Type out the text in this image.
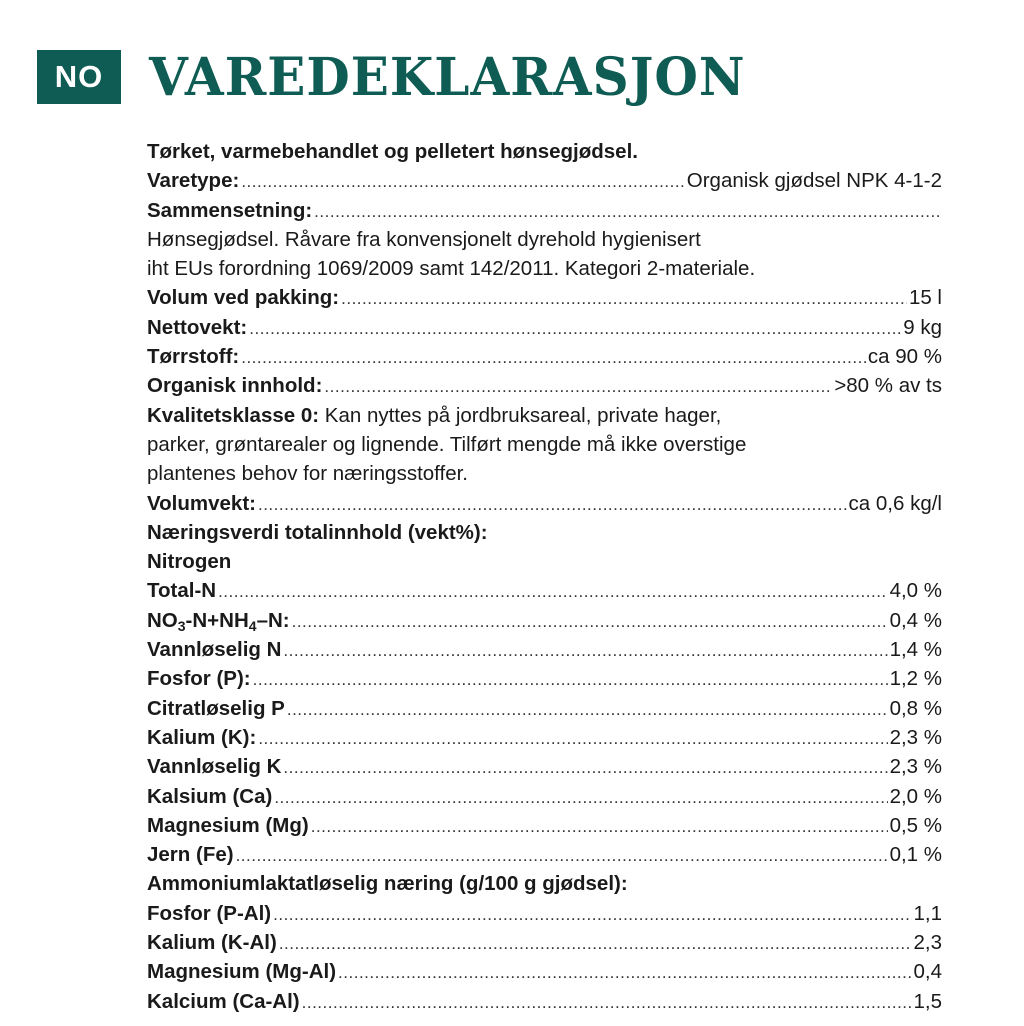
NO VAREDEKLARASJON
Tørket, varmebehandlet og pelletert hønsegjødsel.
Varetype: .....	Organisk gjødsel NPK 4-1-2
Sammensetning:
.....
Hønsegjødsel. Råvare fra konvensjonelt dyrehold hygienisert
iht EUs forordning 1069/2009 samt 142/2011. Kategori 2-materiale.
Volum ved pakking: .....	15 l
Nettovekt: .....	9 kg
Tørrstoff: .....	ca 90 %
Organisk innhold: .....	>80 % av ts
Kvalitetsklasse 0: Kan nyttes på jordbruksareal, private hager,
parker, grøntarealer og lignende. Tilført mengde må ikke overstige
plantenes behov for næringsstoffer.
Volumvekt: .....	ca 0,6 kg/l
Næringsverdi totalinnhold (vekt%):
Nitrogen
Total-N .....	4,0 %
$NO_3-N+NH_4-N$: .....	0,4 %
Vannløselig N .....	1,4 %
Fosfor (P): .....	1,2 %
Citratløselig P .....	0,8 %
Kalium (K): .....	2,3 %
Vannløselig K .....	2,3 %
Kalsium (Ca) .....	2,0 %
Magnesium (Mg) .....	0,5 %
Jern (Fe) .....	0,1 %
Ammoniumlaktatløselig næring (g/100 g gjødsel):
Fosfor (P-Al) .....	1,1
Kalium (K-Al) .....	2,3
Magnesium (Mg-Al) .....	0,4
Kalcium (Ca-Al) .....	1,5
